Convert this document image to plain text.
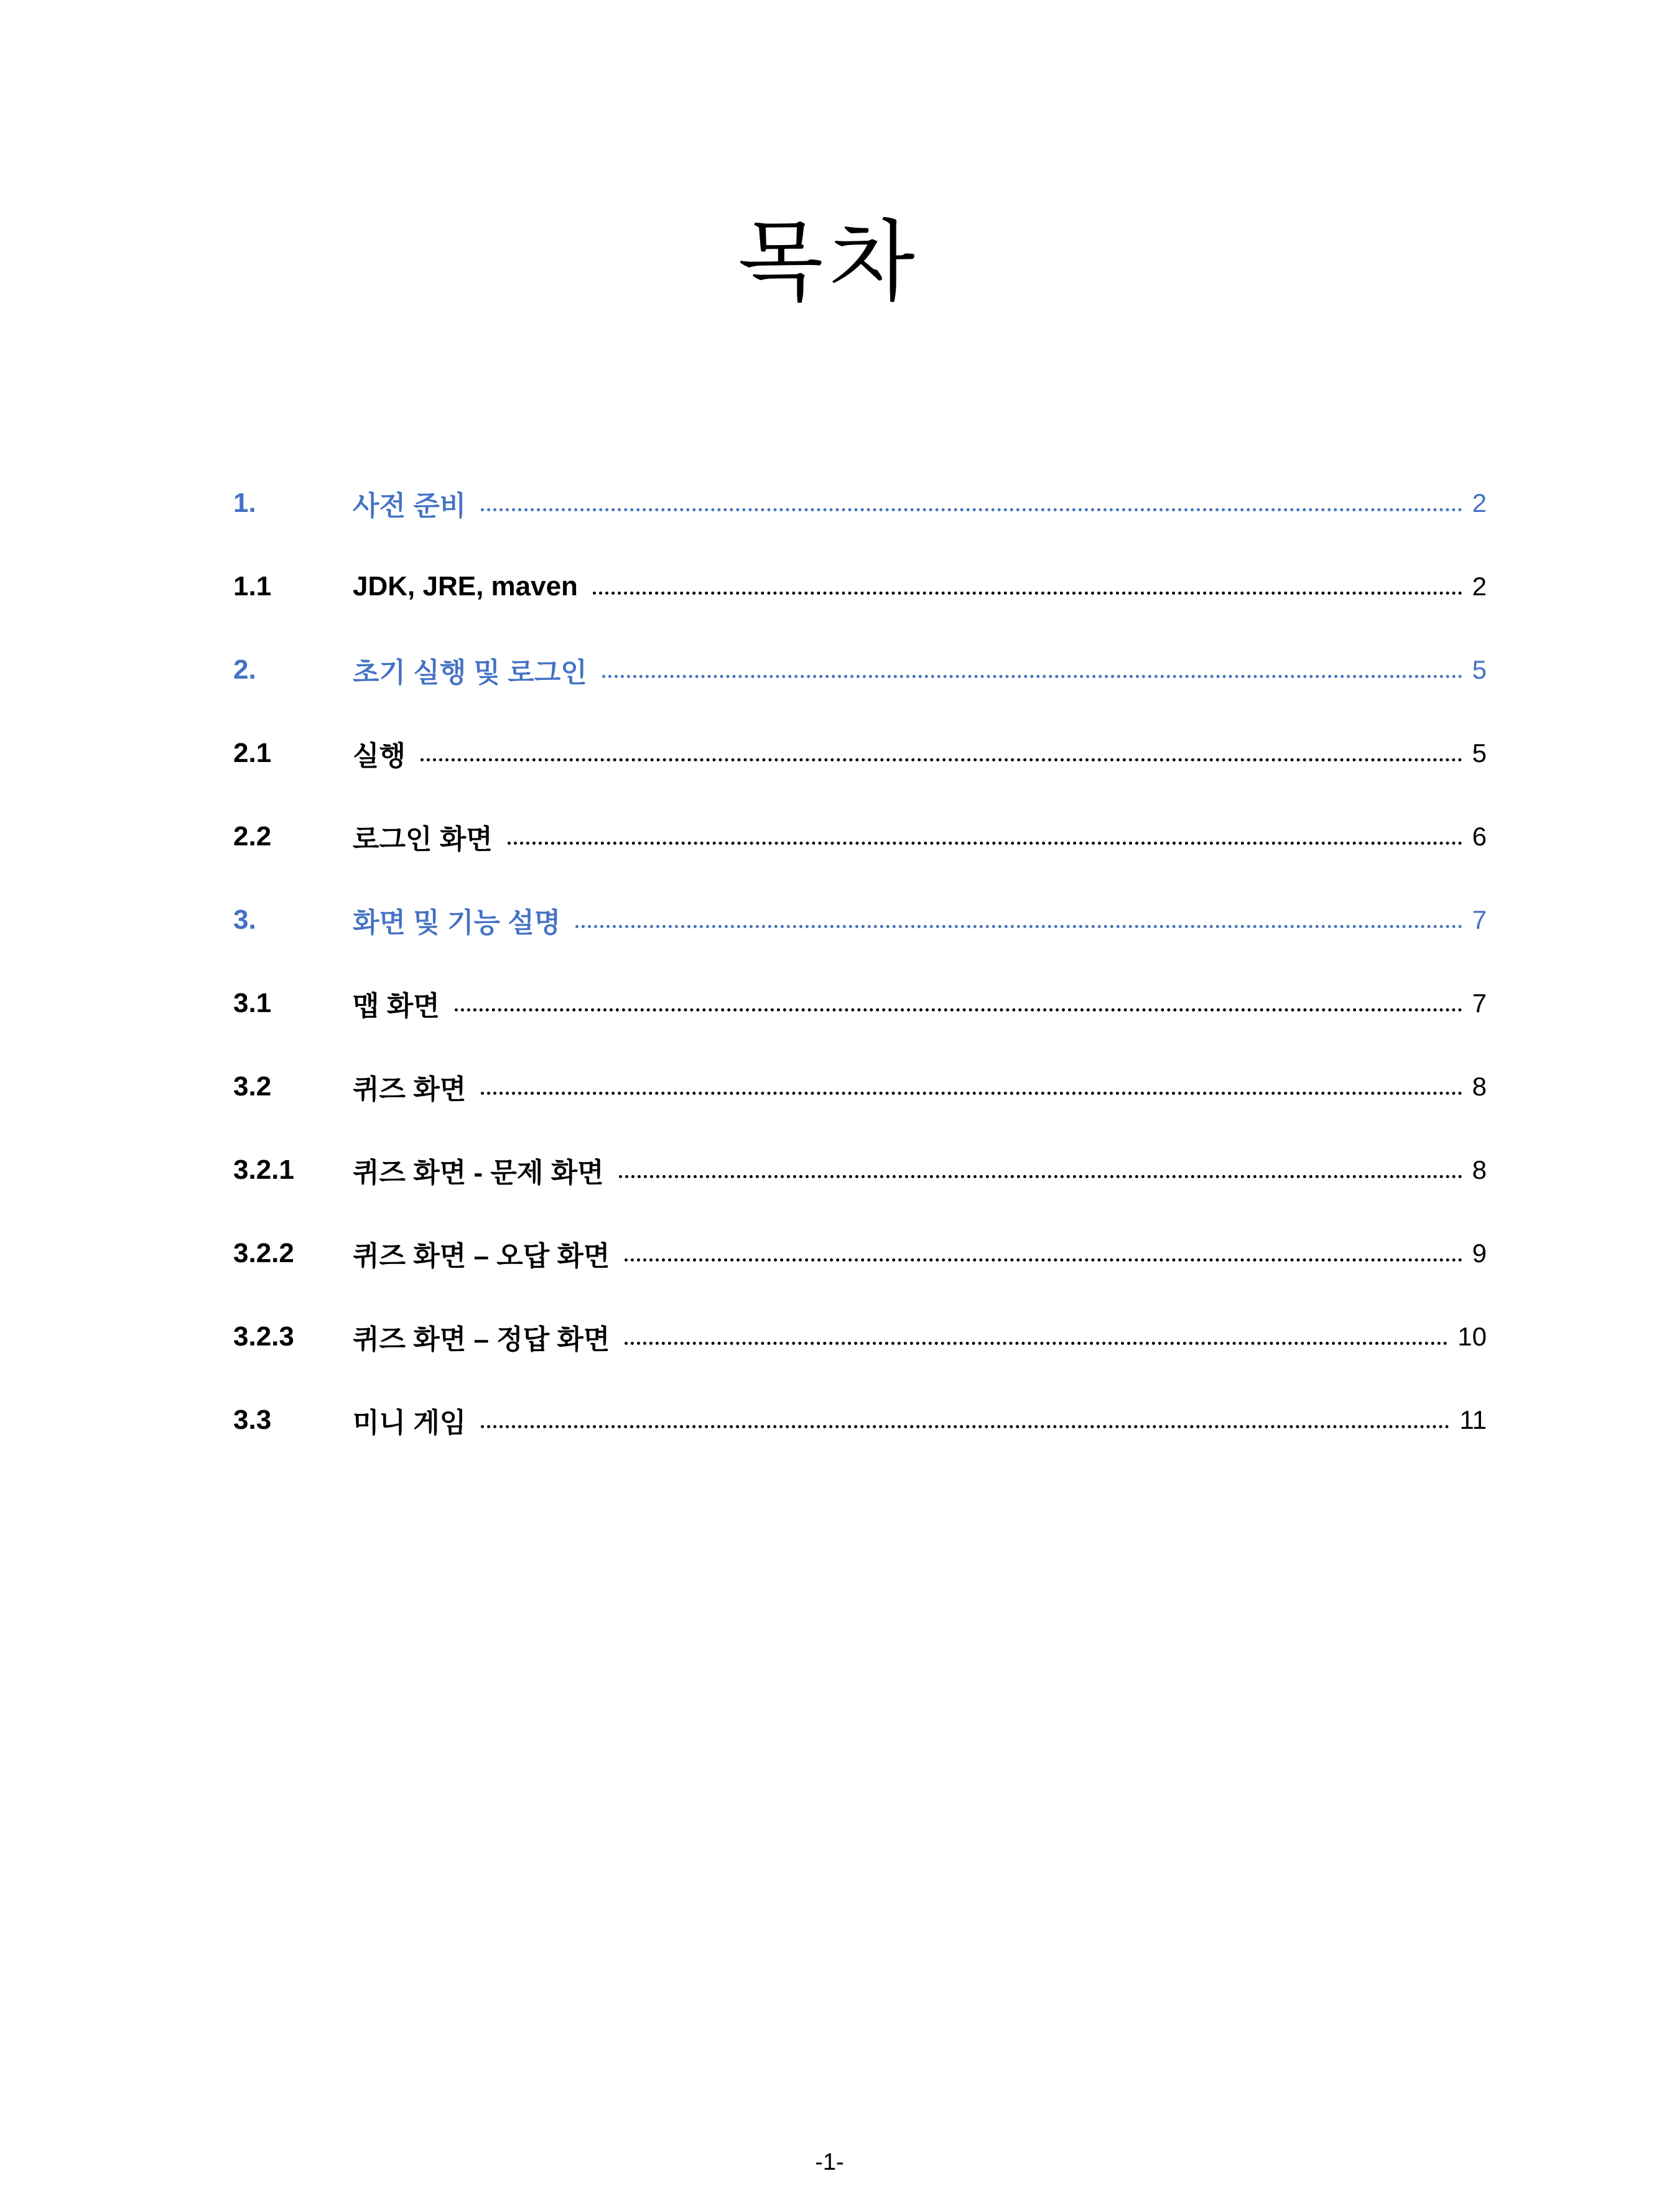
목차
1.	사전 준비	2
1.1	JDK, JRE, maven	2
2.	초기 실행 및 로그인	5
2.1	실행	5
2.2	로그인 화면	6
3.	화면 및 기능 설명	7
3.1	맵 화면	7
3.2	퀴즈 화면	8
3.2.1	퀴즈 화면 - 문제 화면	8
3.2.2	퀴즈 화면 – 오답 화면	9
3.2.3	퀴즈 화면 – 정답 화면	10
3.3	미니 게임	11
-1-
